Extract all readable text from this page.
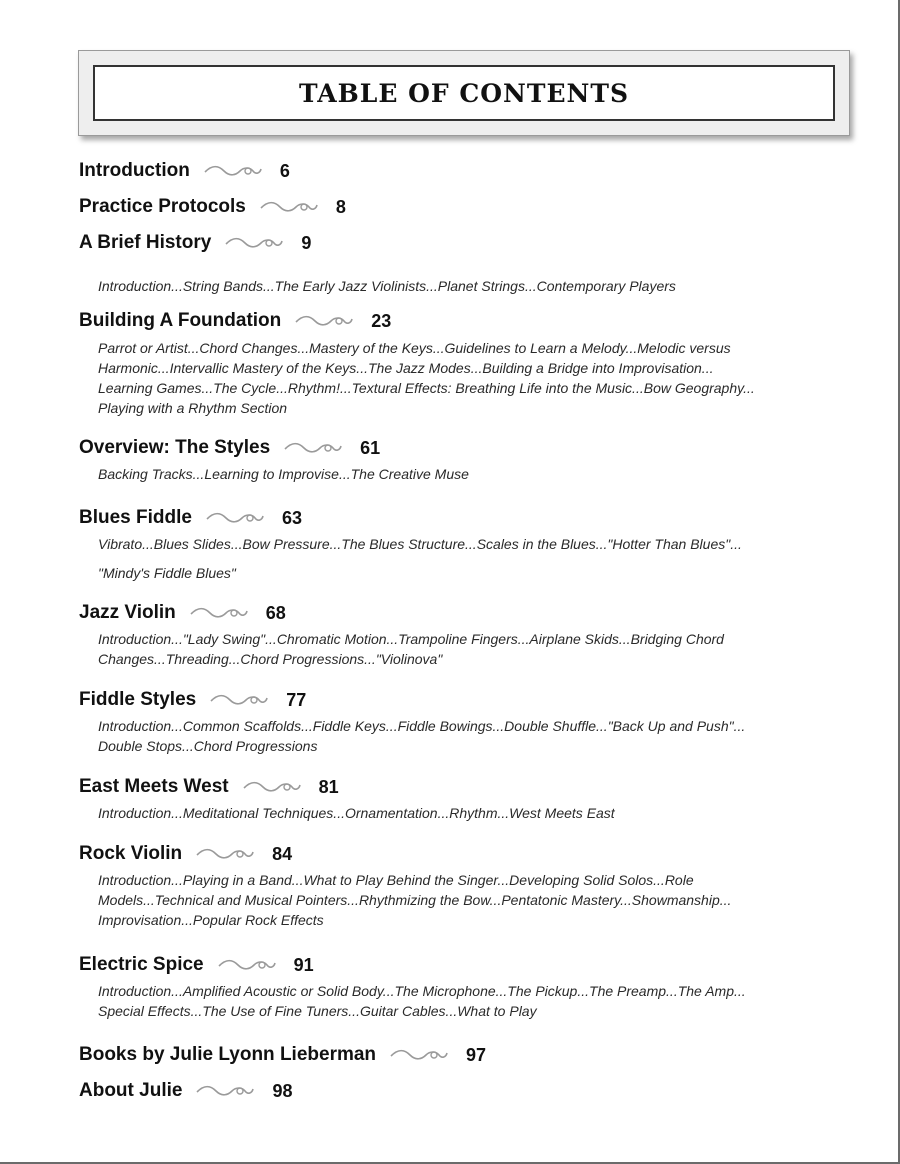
TABLE OF CONTENTS
Introduction	6
Practice Protocols	8
A Brief History	9
Introduction...String Bands...The Early Jazz Violinists...Planet Strings...Contemporary Players
Building A Foundation	23
Parrot or Artist...Chord Changes...Mastery of the Keys...Guidelines to Learn a Melody...Melodic versus
Harmonic...Intervallic Mastery of the Keys...The Jazz Modes...Building a Bridge into Improvisation...
Learning Games...The Cycle...Rhythm!...Textural Effects: Breathing Life into the Music...Bow Geography...
Playing with a Rhythm Section
Overview: The Styles	61
Backing Tracks...Learning to Improvise...The Creative Muse
Blues Fiddle	63
Vibrato...Blues Slides...Bow Pressure...The Blues Structure...Scales in the Blues..."Hotter Than Blues"...
"Mindy's Fiddle Blues"
Jazz Violin	68
Introduction..."Lady Swing"...Chromatic Motion...Trampoline Fingers...Airplane Skids...Bridging Chord
Changes...Threading...Chord Progressions..."Violinova"
Fiddle Styles	77
Introduction...Common Scaffolds...Fiddle Keys...Fiddle Bowings...Double Shuffle..."Back Up and Push"...
Double Stops...Chord Progressions
East Meets West	81
Introduction...Meditational Techniques...Ornamentation...Rhythm...West Meets East
Rock Violin	84
Introduction...Playing in a Band...What to Play Behind the Singer...Developing Solid Solos...Role
Models...Technical and Musical Pointers...Rhythmizing the Bow...Pentatonic Mastery...Showmanship...
Improvisation...Popular Rock Effects
Electric Spice	91
Introduction...Amplified Acoustic or Solid Body...The Microphone...The Pickup...The Preamp...The Amp...
Special Effects...The Use of Fine Tuners...Guitar Cables...What to Play
Books by Julie Lyonn Lieberman	97
About Julie	98
